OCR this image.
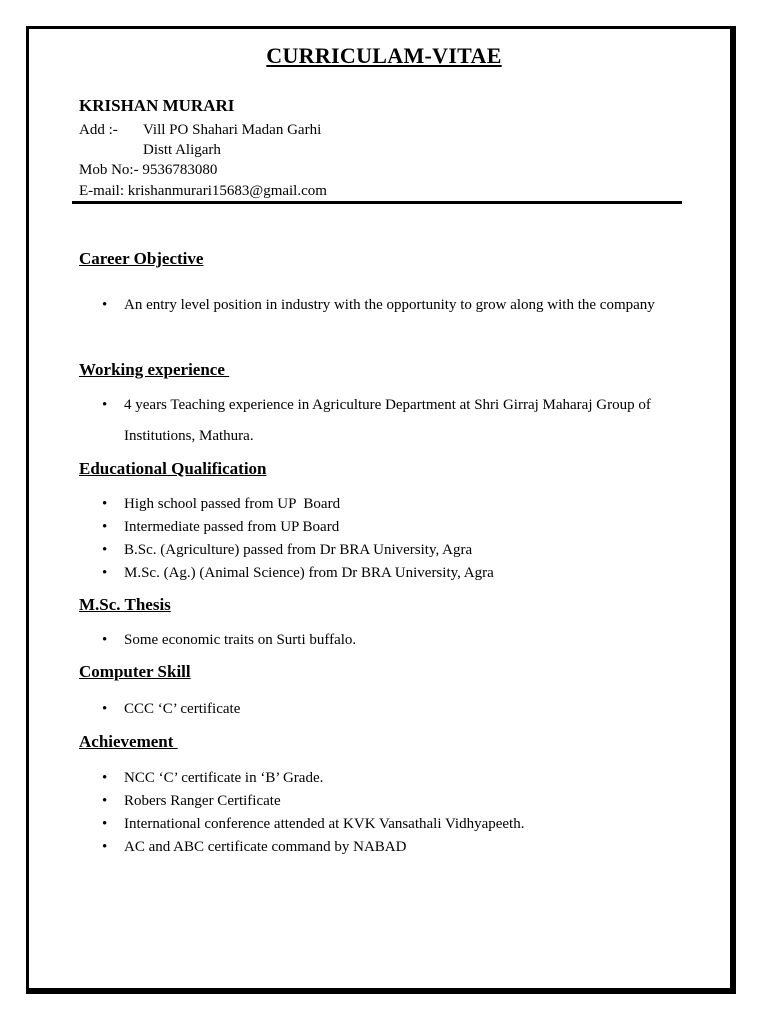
CURRICULAM-VITAE
KRISHAN MURARI
Add :- Vill PO Shahari Madan Garhi
Distt Aligarh
Mob No:- 9536783080
E-mail: krishanmurari15683@gmail.com
Career Objective
• An entry level position in industry with the opportunity to grow along with the company
Working experience
• 4 years Teaching experience in Agriculture Department at Shri Girraj Maharaj Group of Institutions, Mathura.
Educational Qualification
• High school passed from UP  Board
• Intermediate passed from UP Board
• B.Sc. (Agriculture) passed from Dr BRA University, Agra
• M.Sc. (Ag.) (Animal Science) from Dr BRA University, Agra
M.Sc. Thesis
• Some economic traits on Surti buffalo.
Computer Skill
• CCC ‘C’ certificate
Achievement
• NCC ‘C’ certificate in ‘B’ Grade.
• Robers Ranger Certificate
• International conference attended at KVK Vansathali Vidhyapeeth.
• AC and ABC certificate command by NABAD
